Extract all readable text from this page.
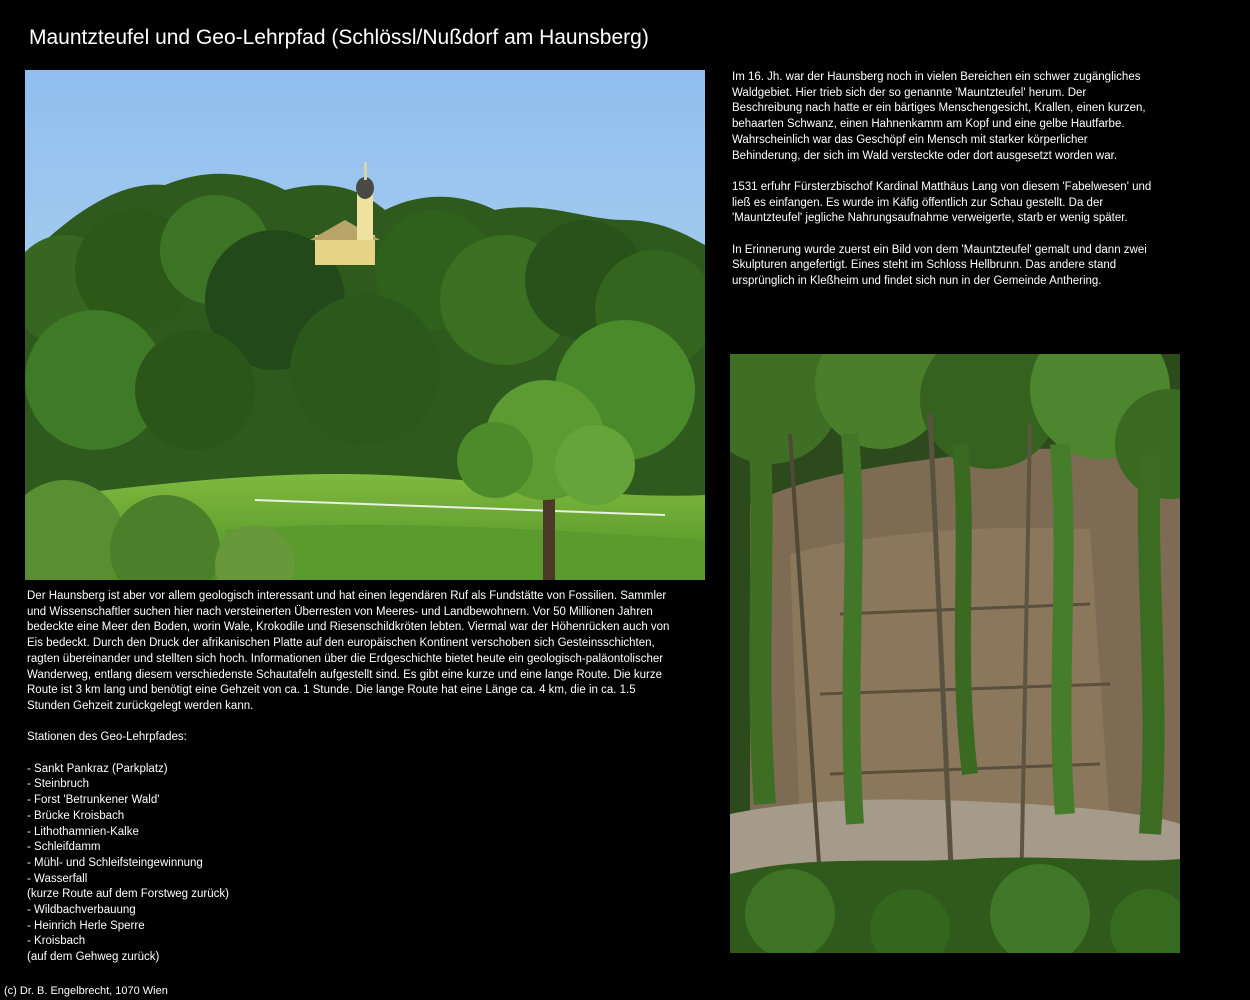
Mauntzteufel und Geo-Lehrpfad (Schlössl/Nußdorf am Haunsberg)

Im 16. Jh. war der Haunsberg noch in vielen Bereichen ein schwer zugängliches Waldgebiet. Hier trieb sich der so genannte 'Mauntzteufel' herum. Der Beschreibung nach hatte er ein bärtiges Menschengesicht, Krallen, einen kurzen, behaarten Schwanz, einen Hahnenkamm am Kopf und eine gelbe Hautfarbe. Wahrscheinlich war das Geschöpf ein Mensch mit starker körperlicher Behinderung, der sich im Wald versteckte oder dort ausgesetzt worden war.

1531 erfuhr Fürsterzbischof Kardinal Matthäus Lang von diesem 'Fabelwesen' und ließ es einfangen. Es wurde im Käfig öffentlich zur Schau gestellt. Da der 'Mauntzteufel' jegliche Nahrungsaufnahme verweigerte, starb er wenig später.

In Erinnerung wurde zuerst ein Bild von dem 'Mauntzteufel' gemalt und dann zwei Skulpturen angefertigt. Eines steht im Schloss Hellbrunn. Das andere stand ursprünglich in Kleßheim und findet sich nun in der Gemeinde Anthering.

Der Haunsberg ist aber vor allem geologisch interessant und hat einen legendären Ruf als Fundstätte von Fossilien. Sammler und Wissenschaftler suchen hier nach versteinerten Überresten von Meeres- und Landbewohnern. Vor 50 Millionen Jahren bedeckte eine Meer den Boden, worin Wale, Krokodile und Riesenschildkröten lebten. Viermal war der Höhenrücken auch von Eis bedeckt. Durch den Druck der afrikanischen Platte auf den europäischen Kontinent verschoben sich Gesteinsschichten, ragten übereinander und stellten sich hoch. Informationen über die Erdgeschichte bietet heute ein geologisch-paläontolischer Wanderweg, entlang diesem verschiedenste Schautafeln aufgestellt sind. Es gibt eine kurze und eine lange Route. Die kurze Route ist 3 km lang und benötigt eine Gehzeit von ca. 1 Stunde. Die lange Route hat eine Länge ca. 4 km, die in ca. 1.5 Stunden Gehzeit zurückgelegt werden kann.

Stationen des Geo-Lehrpfades:

- Sankt Pankraz (Parkplatz)
- Steinbruch
- Forst 'Betrunkener Wald'
- Brücke Kroisbach
- Lithothamnien-Kalke
- Schleifdamm
- Mühl- und Schleifsteingewinnung
- Wasserfall
(kurze Route auf dem Forstweg zurück)
- Wildbachverbauung
- Heinrich Herle Sperre
- Kroisbach
(auf dem Gehweg zurück)
(c) Dr. B. Engelbrecht, 1070 Wien
